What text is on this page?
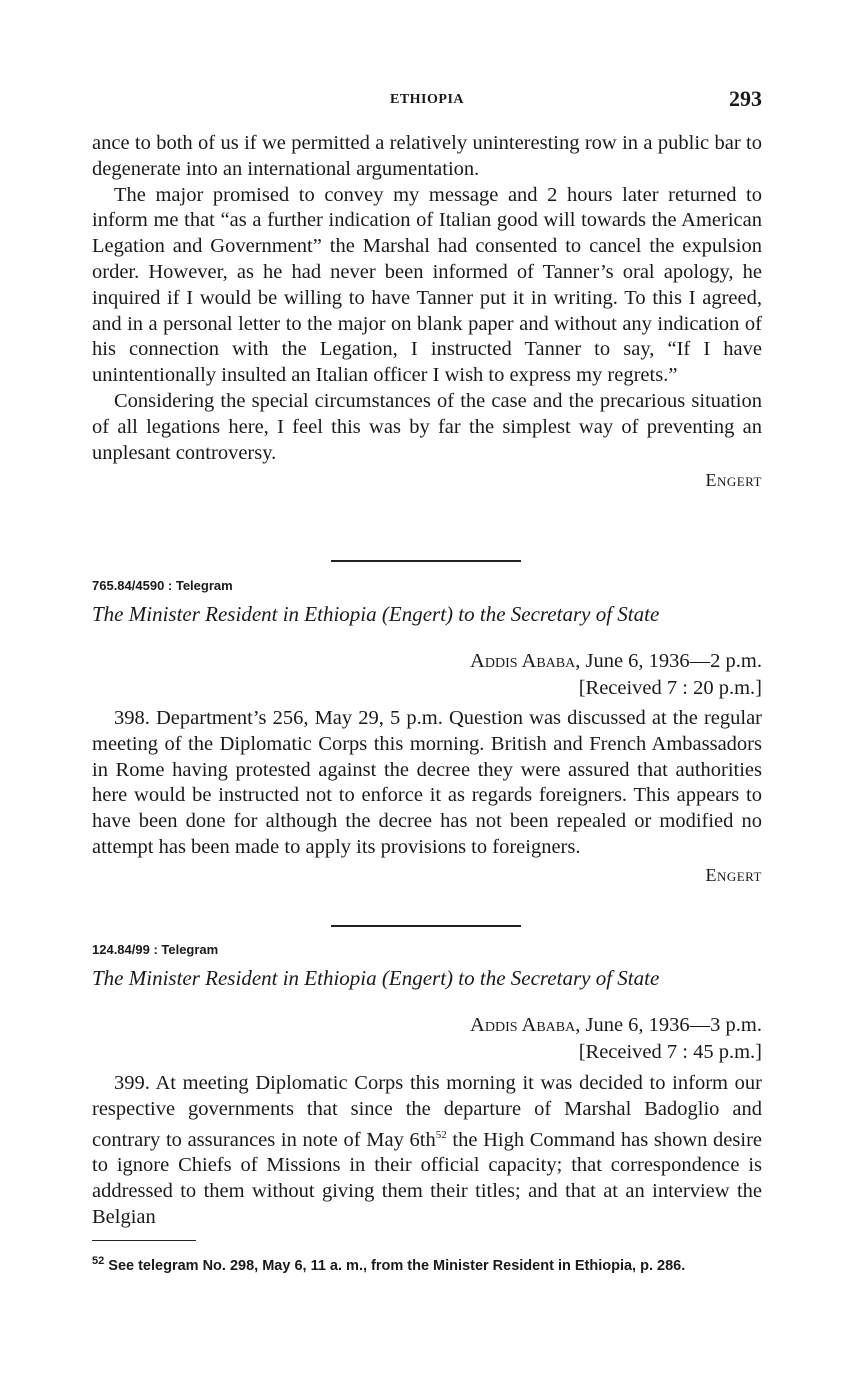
ETHIOPIA	293

ance to both of us if we permitted a relatively uninteresting row in a public bar to degenerate into an international argumentation.

The major promised to convey my message and 2 hours later returned to inform me that “as a further indication of Italian good will towards the American Legation and Government” the Marshal had consented to cancel the expulsion order. However, as he had never been informed of Tanner’s oral apology, he inquired if I would be willing to have Tanner put it in writing. To this I agreed, and in a personal letter to the major on blank paper and without any indication of his connection with the Legation, I instructed Tanner to say, “If I have unintentionally insulted an Italian officer I wish to express my regrets.”

Considering the special circumstances of the case and the precarious situation of all legations here, I feel this was by far the simplest way of preventing an unplesant controversy.

Engert

765.84/4590 : Telegram
The Minister Resident in Ethiopia (Engert) to the Secretary of State
Addis Ababa, June 6, 1936—2 p.m.
[Received 7 : 20 p.m.]

398. Department’s 256, May 29, 5 p.m. Question was discussed at the regular meeting of the Diplomatic Corps this morning. British and French Ambassadors in Rome having protested against the decree they were assured that authorities here would be instructed not to enforce it as regards foreigners. This appears to have been done for although the decree has not been repealed or modified no attempt has been made to apply its provisions to foreigners.

Engert

124.84/99 : Telegram
The Minister Resident in Ethiopia (Engert) to the Secretary of State
Addis Ababa, June 6, 1936—3 p.m.
[Received 7 : 45 p.m.]

399. At meeting Diplomatic Corps this morning it was decided to inform our respective governments that since the departure of Marshal Badoglio and contrary to assurances in note of May $6th^{52}$ the High Command has shown desire to ignore Chiefs of Missions in their official capacity; that correspondence is addressed to them without giving them their titles; and that at an interview the Belgian

$^{52}$ See telegram No. 298, May 6, 11 a. m., from the Minister Resident in Ethiopia, p. 286.
